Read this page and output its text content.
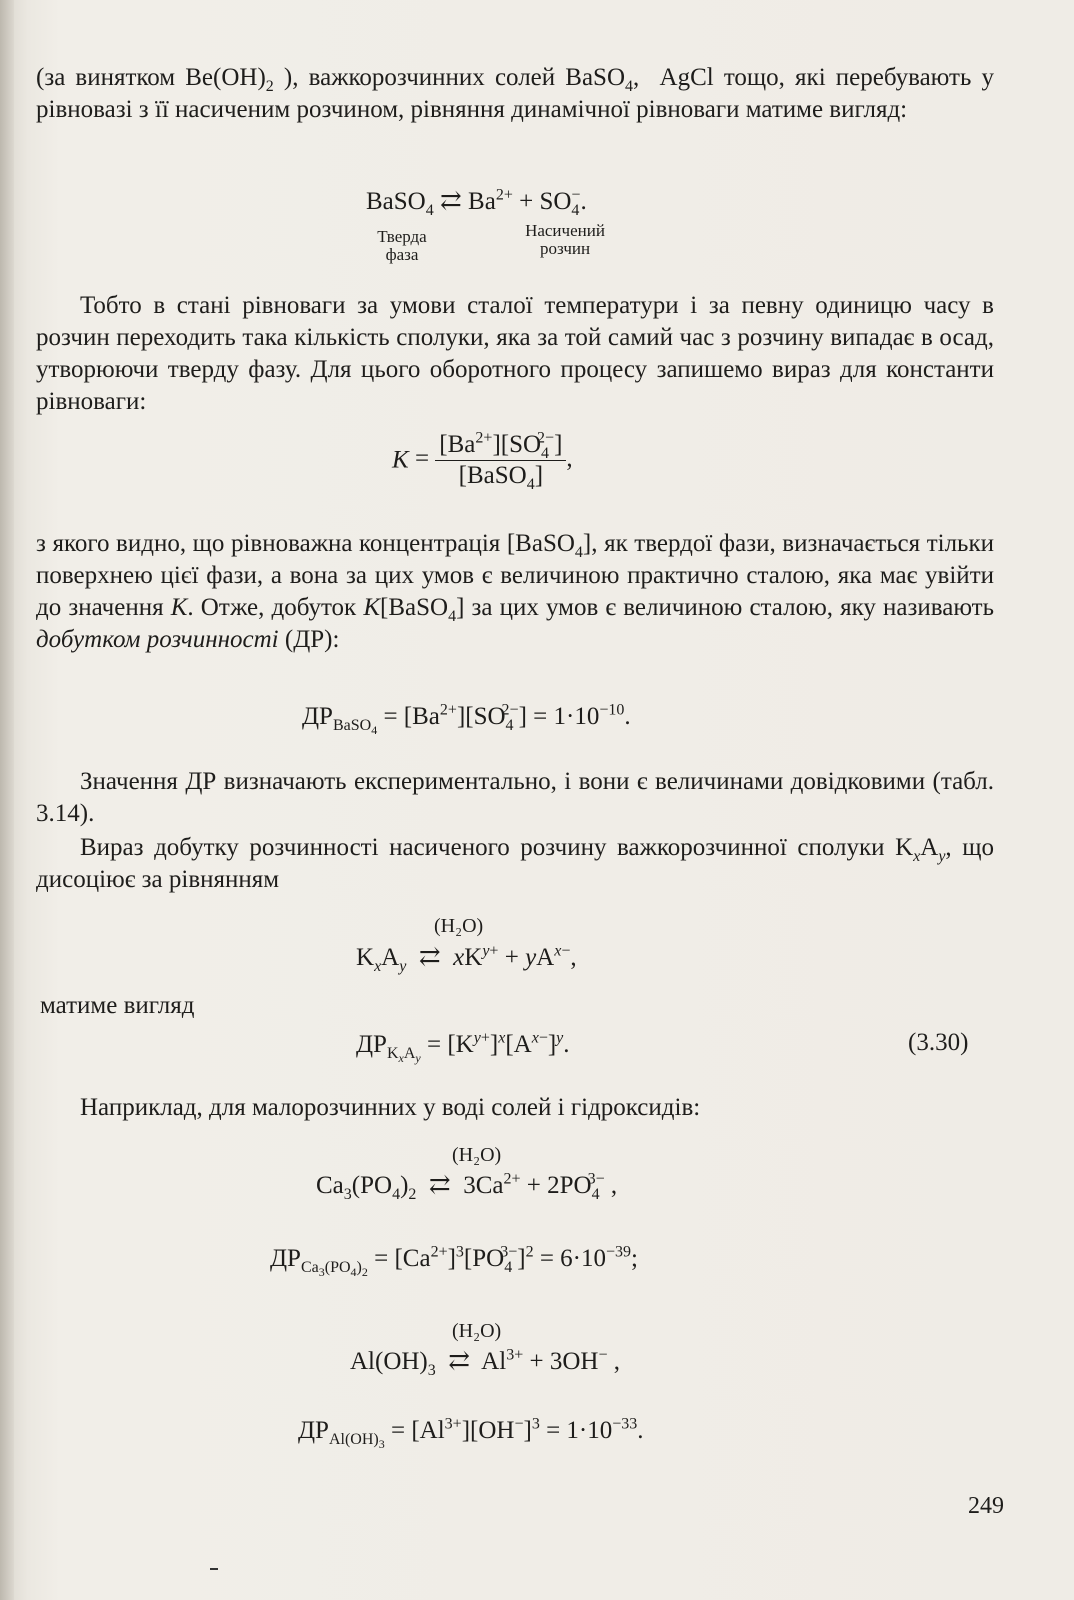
(за винятком $Be(OH)_2$ ), важкорозчинних солей BaSO$_4$,  AgCl тощо, які перебувають у рівновазі з її насиченим розчином, рівняння динамічної рівноваги матиме вигляд:

BaSO$_4$ ⇄ $Ba^{2+} + SO_4^-$.
Тверда
фаза
Насичений
розчин

Тобто в стані рівноваги за умови сталої температури і за певну одиницю часу в розчин переходить така кількість сполуки, яка за той самий час з розчину випадає в осад, утворюючи тверду фазу. Для цього оборотного процесу запишемо вираз для константи рівноваги:

$K = \frac{[Ba^{2+}][SO_4^{2-}]}{[BaSO_4]}$ ,

з якого видно, що рівноважна концентрація [BaSO$_4$], як твердої фази, визначається тільки поверхнею цієї фази, а вона за цих умов є величиною практично сталою, яка має увійти до значення K. Отже, добуток K[BaSO$_4$] за цих умов є величиною сталою, яку називають добутком розчинності (ДР):

$ДР_{BaSO_4} = [Ba^{2+}][SO_4^{2-}] = 1\cdot 10^{-10}$.

Значення ДР визначають експериментально, і вони є величинами довідковими (табл. 3.14).

Вираз добутку розчинності насиченого розчину важкорозчинної сполуки $K_xA_y$, що дисоціює за рівнянням

(H₂O)
$K_xA_y$ ⇄ $xK^{y+} + yA^{x-}$,

матиме вигляд

$ДР_{K_xA_y} = [K^{y+}]^x[A^{x-}]^y$.	(3.30)

Наприклад, для малорозчинних у воді солей і гідроксидів:

(H₂O)
$Ca_3(PO_4)_2$ ⇄  $3Ca^{2+} + 2PO_4^{3-}$ ,
$ДР_{Ca_3(PO_4)_2} = [Ca^{2+}]^3[PO_4^{3-}]^2 = 6\cdot 10^{-39}$;
(H₂O)
$Al(OH)_3$ ⇄  $Al^{3+} + 3OH^-$ ,
$ДР_{Al(OH)_3} = [Al^{3+}][OH^-]^3 = 1\cdot 10^{-33}$.
249
